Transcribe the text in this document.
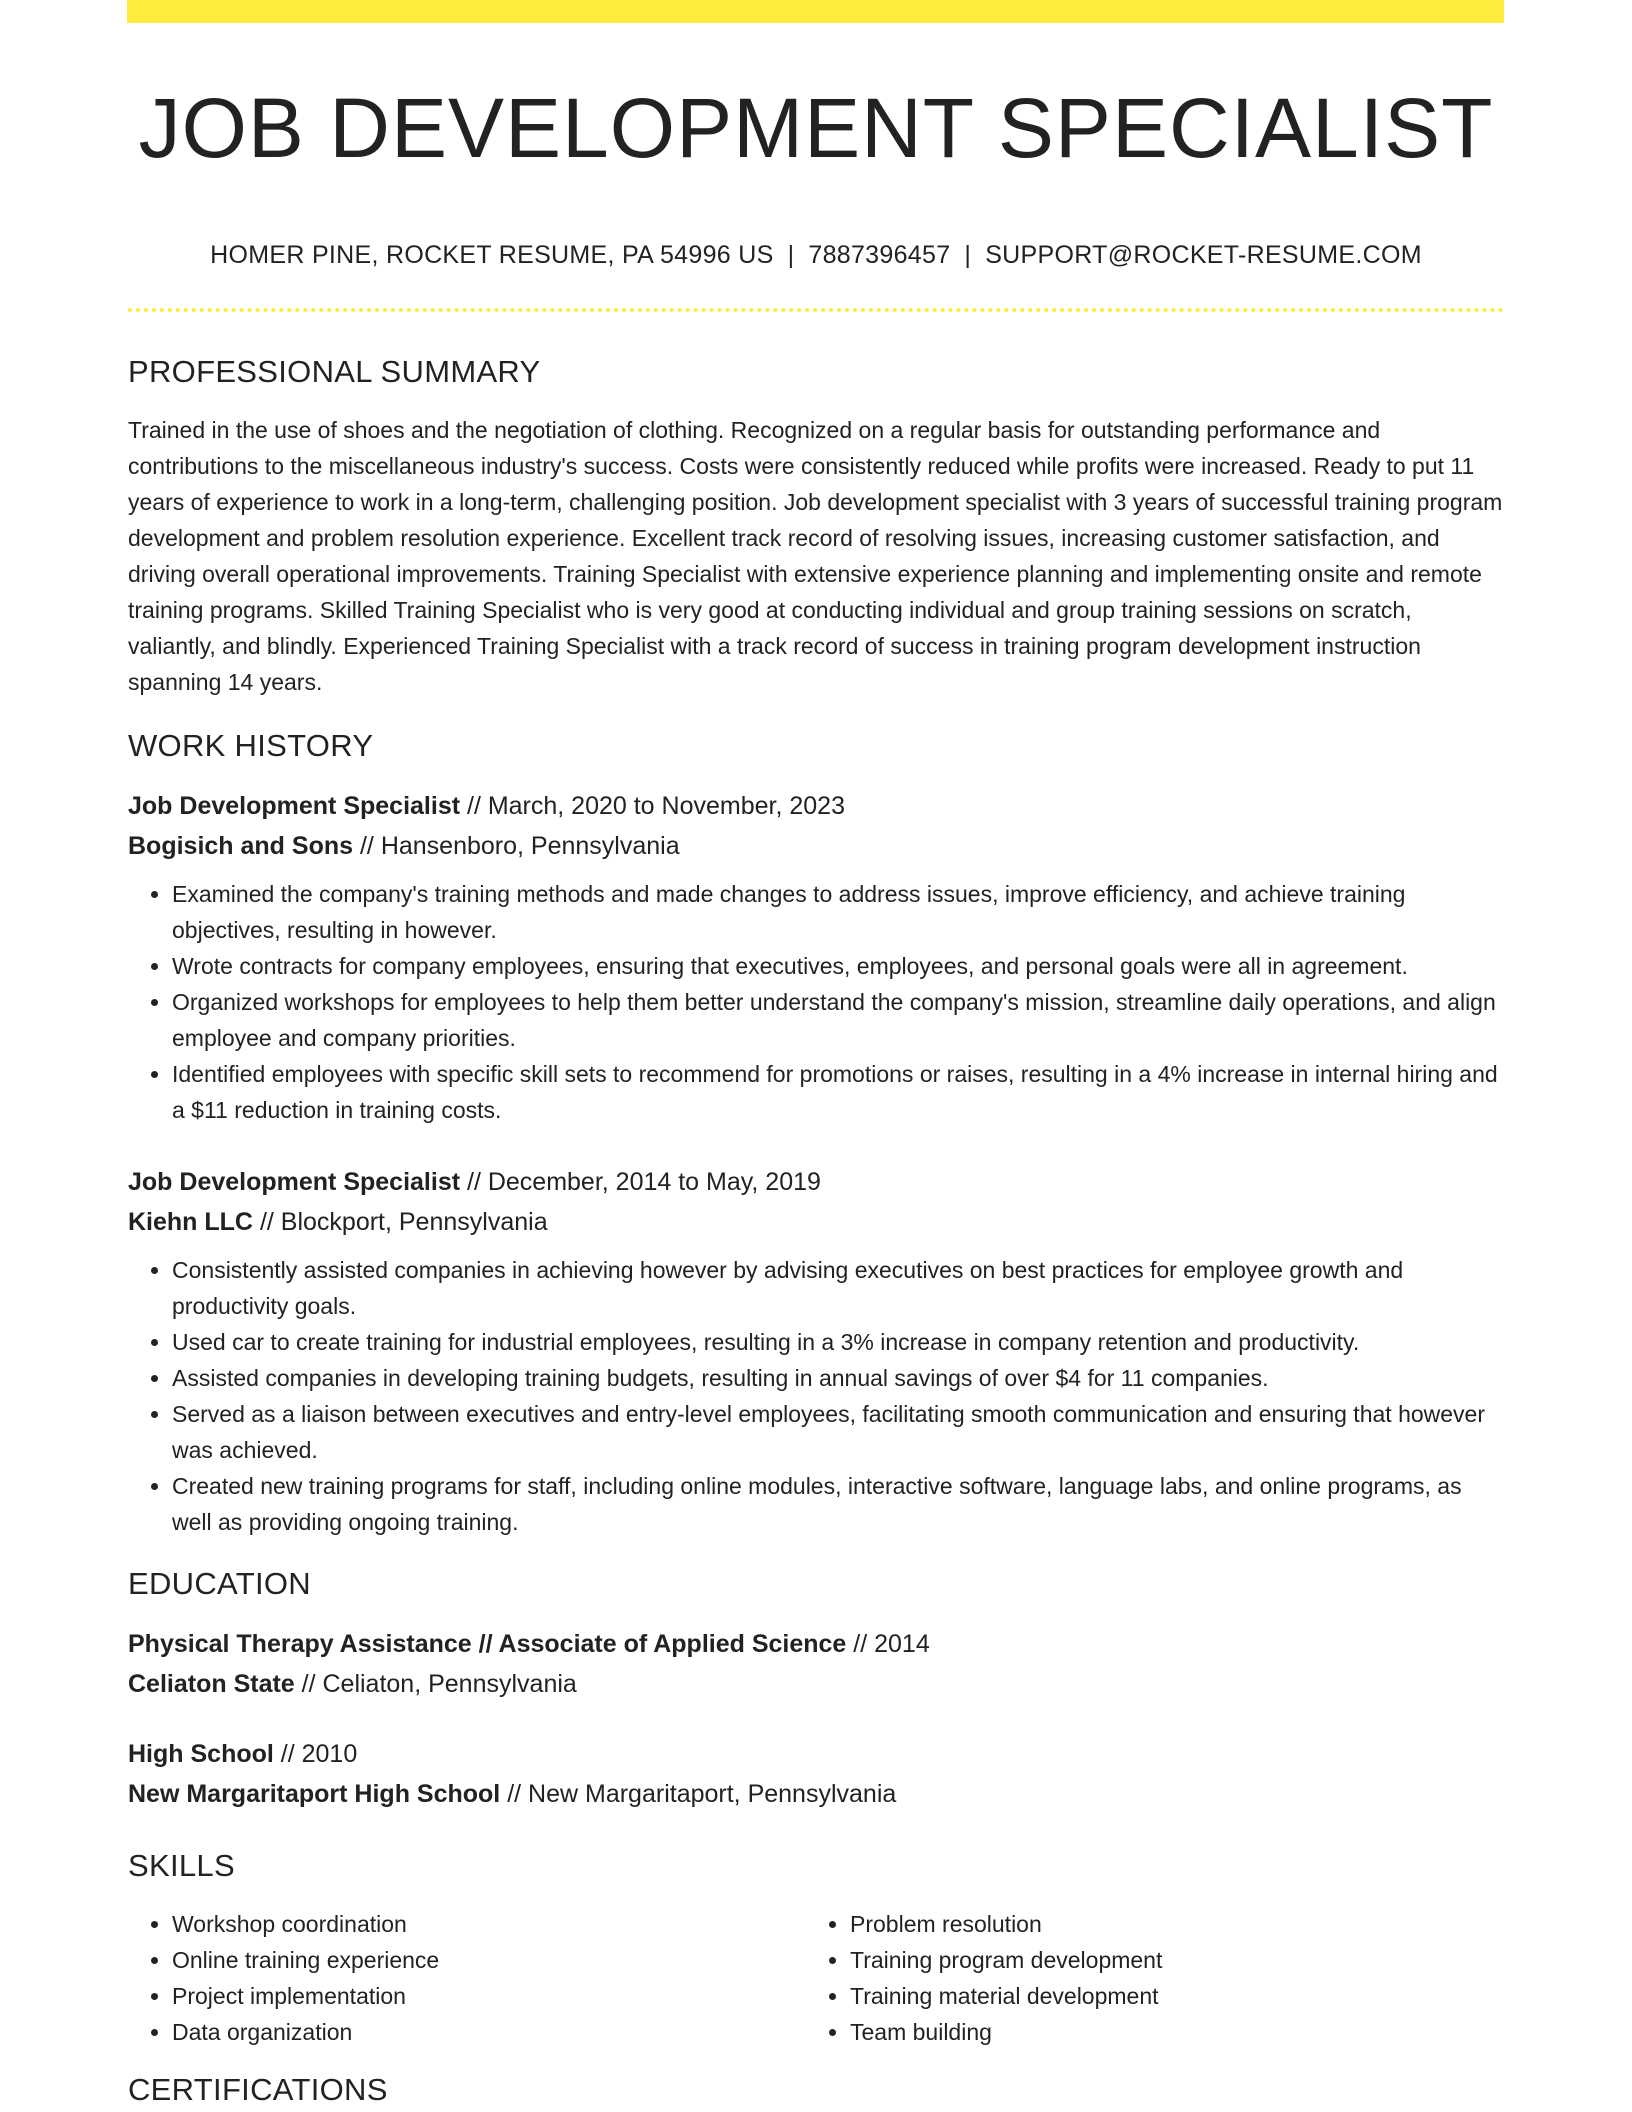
JOB DEVELOPMENT SPECIALIST
HOMER PINE, ROCKET RESUME, PA 54996 US | 7887396457 | SUPPORT@ROCKET-RESUME.COM
PROFESSIONAL SUMMARY

Trained in the use of shoes and the negotiation of clothing. Recognized on a regular basis for outstanding performance and contributions to the miscellaneous industry's success. Costs were consistently reduced while profits were increased. Ready to put 11 years of experience to work in a long-term, challenging position. Job development specialist with 3 years of successful training program development and problem resolution experience. Excellent track record of resolving issues, increasing customer satisfaction, and driving overall operational improvements. Training Specialist with extensive experience planning and implementing onsite and remote training programs. Skilled Training Specialist who is very good at conducting individual and group training sessions on scratch, valiantly, and blindly. Experienced Training Specialist with a track record of success in training program development instruction spanning 14 years.

WORK HISTORY
Job Development Specialist // March, 2020 to November, 2023
Bogisich and Sons // Hansenboro, Pennsylvania
• Examined the company's training methods and made changes to address issues, improve efficiency, and achieve training objectives, resulting in however.
• Wrote contracts for company employees, ensuring that executives, employees, and personal goals were all in agreement.
• Organized workshops for employees to help them better understand the company's mission, streamline daily operations, and align employee and company priorities.
• Identified employees with specific skill sets to recommend for promotions or raises, resulting in a 4% increase in internal hiring and a $11 reduction in training costs.
Job Development Specialist // December, 2014 to May, 2019
Kiehn LLC // Blockport, Pennsylvania
• Consistently assisted companies in achieving however by advising executives on best practices for employee growth and productivity goals.
• Used car to create training for industrial employees, resulting in a 3% increase in company retention and productivity.
• Assisted companies in developing training budgets, resulting in annual savings of over $4 for 11 companies.
• Served as a liaison between executives and entry-level employees, facilitating smooth communication and ensuring that however was achieved.
• Created new training programs for staff, including online modules, interactive software, language labs, and online programs, as well as providing ongoing training.
EDUCATION
Physical Therapy Assistance // Associate of Applied Science // 2014
Celiaton State // Celiaton, Pennsylvania
High School // 2010
New Margaritaport High School // New Margaritaport, Pennsylvania
SKILLS
• Workshop coordination
• Online training experience
• Project implementation
• Data organization
• Problem resolution
• Training program development
• Training material development
• Team building
CERTIFICATIONS
